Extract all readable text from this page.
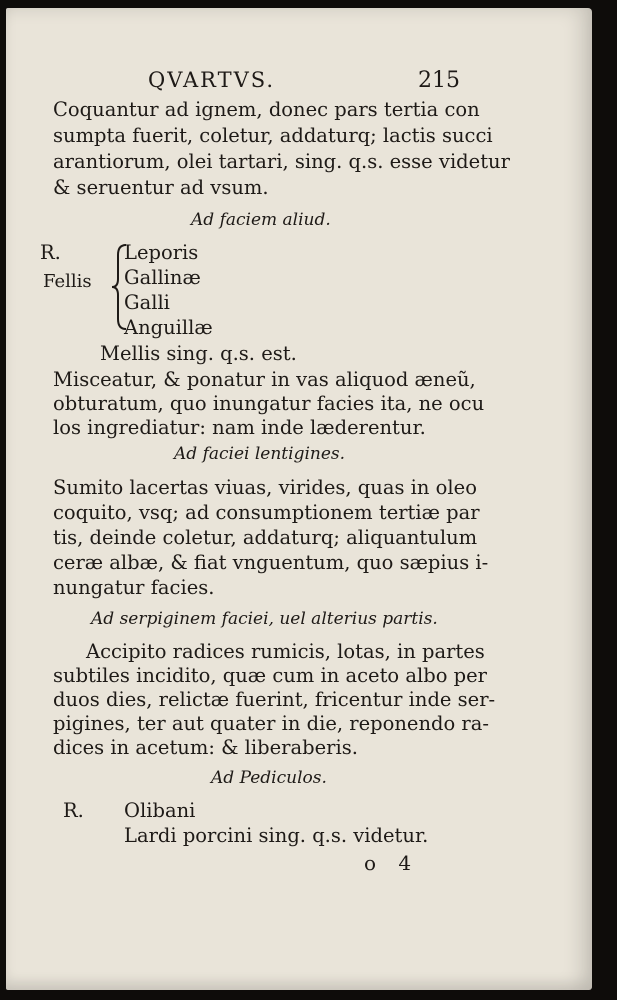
QVARTVS.	215
Coquantur ad ignem, donec pars tertia con
sumpta fuerit, coletur, addaturq; lactis succi
arantiorum, olei tartari, sing. q.s. esse videtur
& seruentur ad vsum.
Ad faciem aliud.
R.
Fellis
Leporis
Gallinæ
Galli
Anguillæ
Mellis sing. q.s. est.
Misceatur, & ponatur in vas aliquod æneũ,
obturatum, quo inungatur facies ita, ne ocu
los ingrediatur: nam inde læderentur.
Ad faciei lentigines.
Sumito lacertas viuas, virides, quas in oleo
coquito, vsq; ad consumptionem tertiæ par
tis, deinde coletur, addaturq; aliquantulum
ceræ albæ, & fiat vnguentum, quo sæpius i-
nungatur facies.
Ad serpiginem faciei, uel alterius partis.
Accipito radices rumicis, lotas, in partes
subtiles incidito, quæ cum in aceto albo per
duos dies, relictæ fuerint, fricentur inde ser-
pigines, ter aut quater in die, reponendo ra-
dices in acetum: & liberaberis.
Ad Pediculos.
R. Olibani
Lardi porcini sing. q.s. videtur.
o 4
